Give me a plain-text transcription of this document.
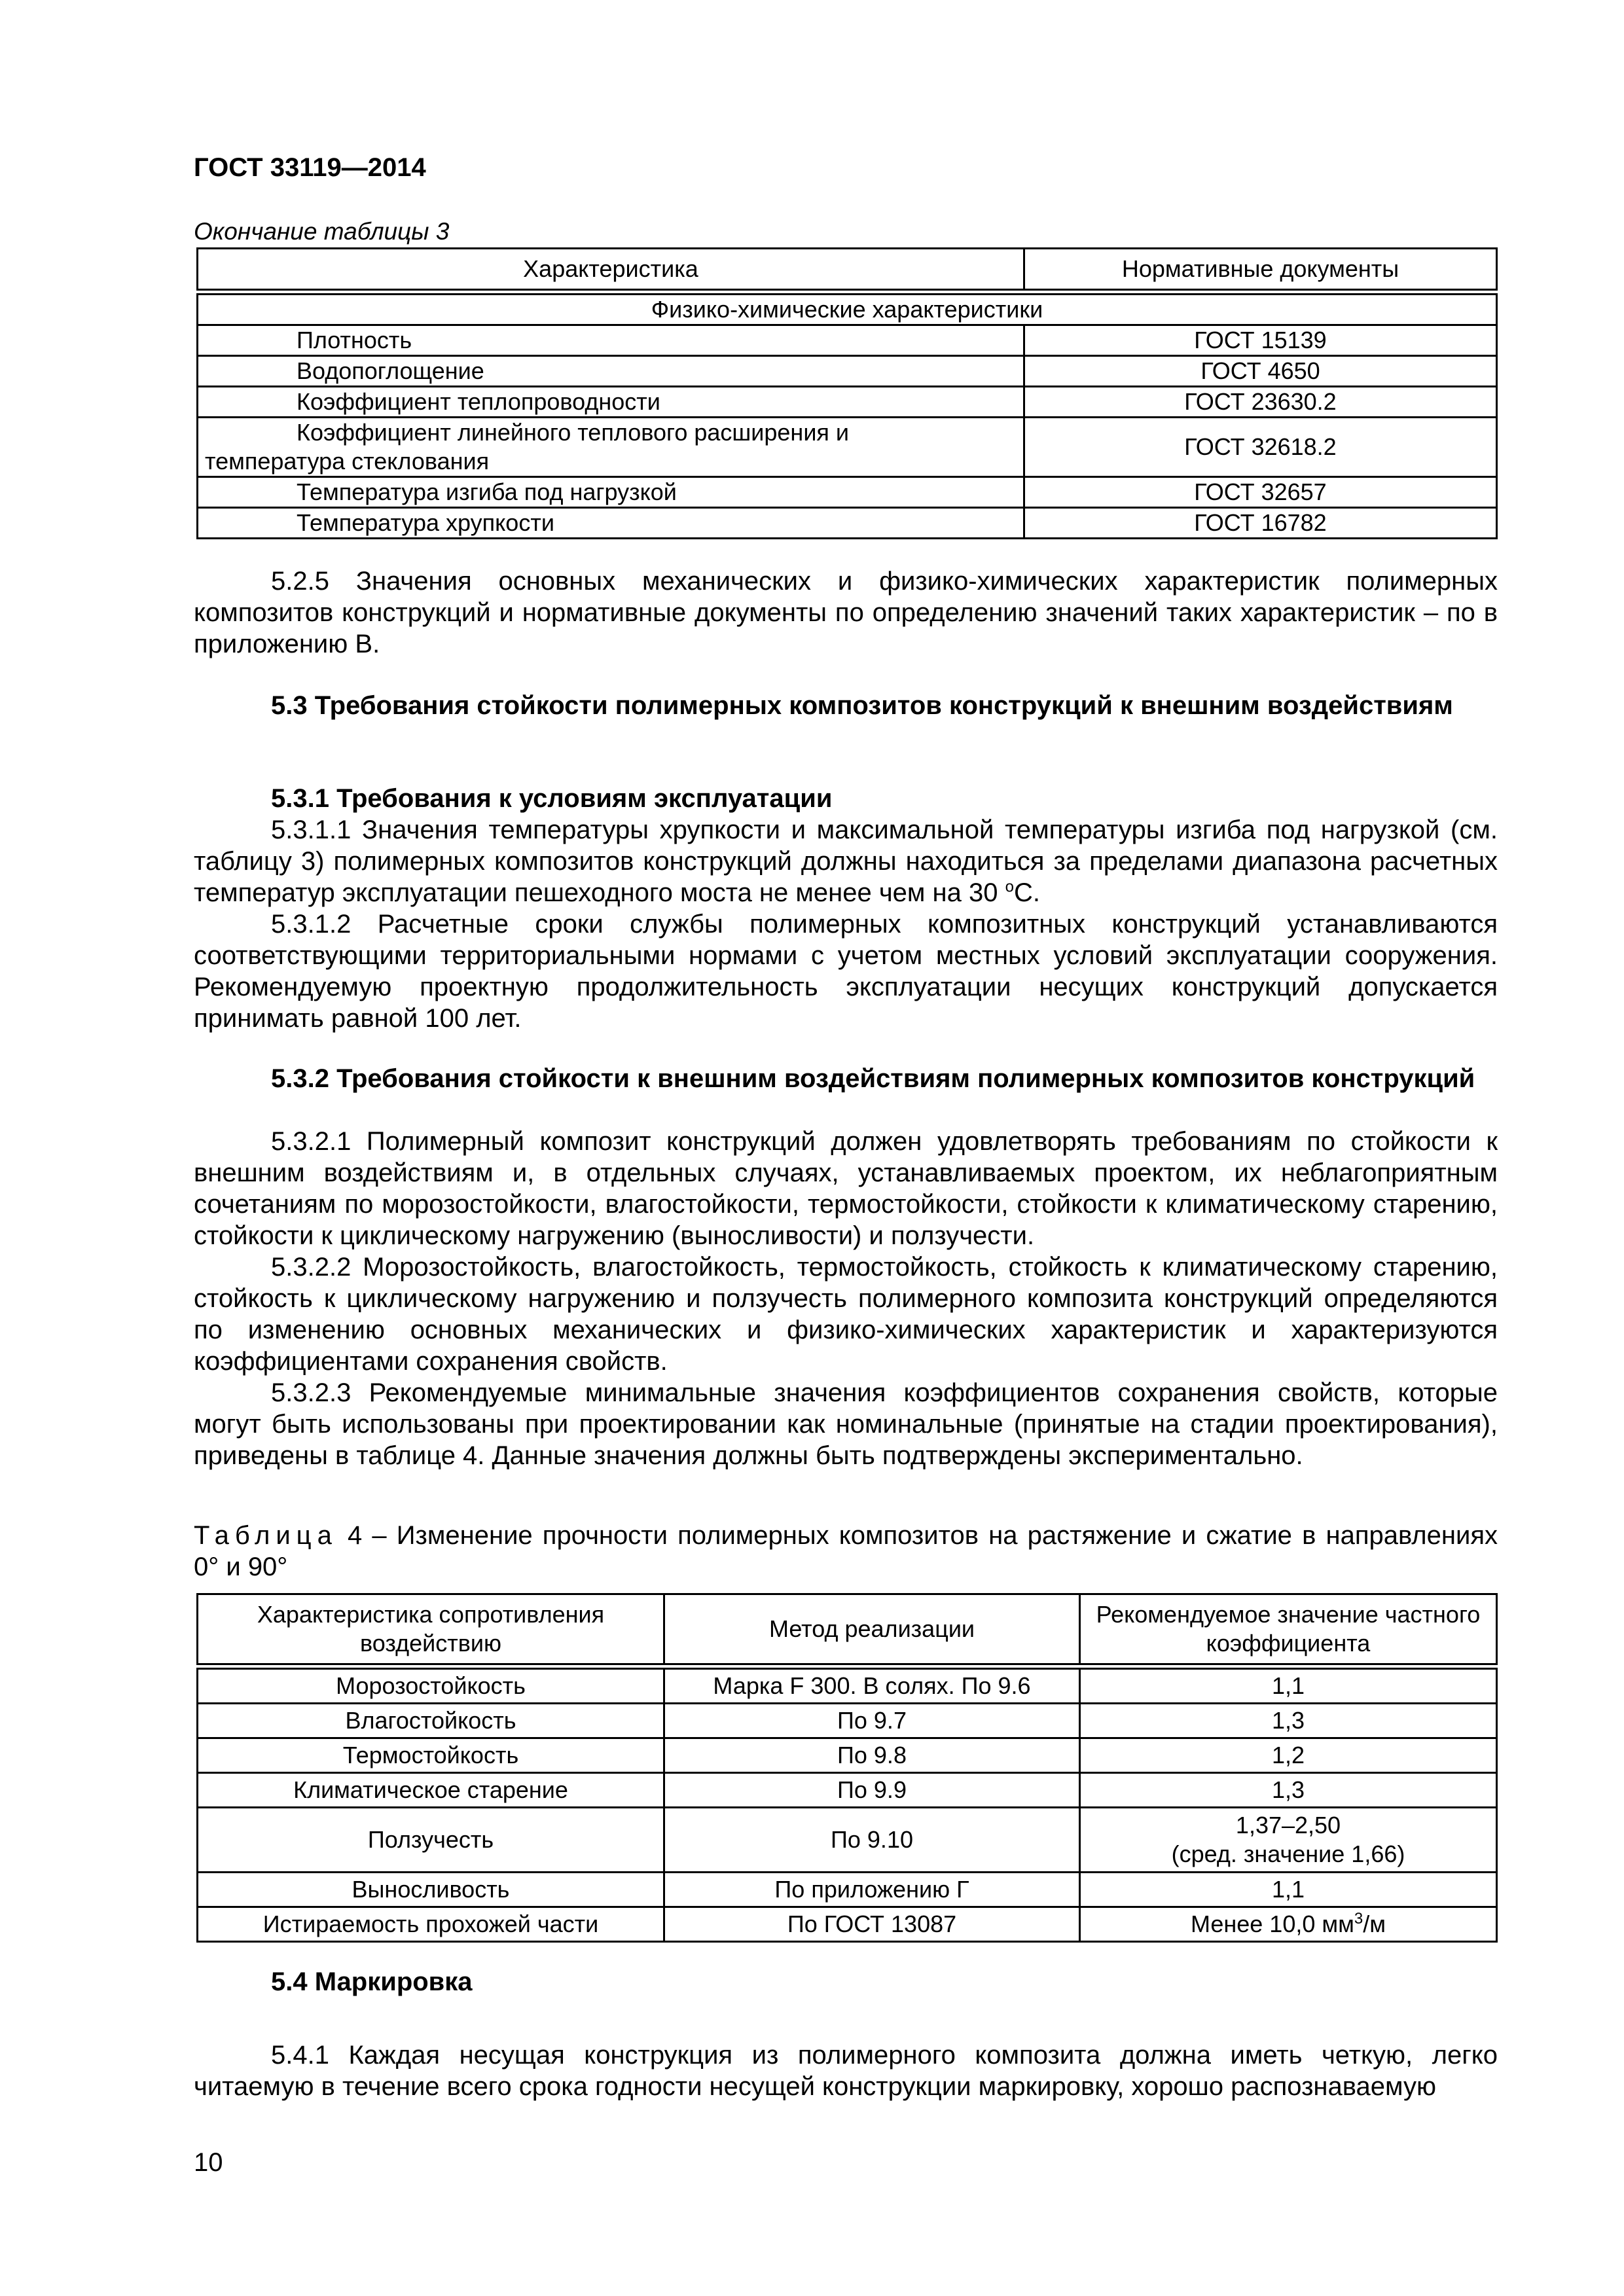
ГОСТ 33119—2014
Окончание таблицы 3
Характеристика	Нормативные документы
Физико-химические характеристики	
Плотность	ГОСТ 15139
Водопоглощение	ГОСТ 4650
Коэффициент теплопроводности	ГОСТ 23630.2

Коэффициент линейного теплового расширения и
температура стеклования	ГОСТ 32618.2
Температура изгиба под нагрузкой	ГОСТ 32657
Температура хрупкости	ГОСТ 16782

5.2.5 Значения основных механических и физико-химических характеристик полимерных композитов конструкций и нормативные документы по определению значений таких характеристик – по в приложению В.

5.3 Требования стойкости полимерных композитов конструкций к внешним воздействиям

5.3.1 Требования к условиям эксплуатации

5.3.1.1 Значения температуры хрупкости и максимальной температуры изгиба под нагрузкой (см. таблицу 3) полимерных композитов конструкций должны находиться за пределами диапазона расчетных температур эксплуатации пешеходного моста не менее чем на 30 $^о$С.

5.3.1.2 Расчетные сроки службы полимерных композитных конструкций устанавливаются соответствующими территориальными нормами с учетом местных условий эксплуатации сооружения. Рекомендуемую проектную продолжительность эксплуатации несущих конструкций допускается принимать равной 100 лет.

5.3.2 Требования стойкости к внешним воздействиям полимерных композитов конструкций

5.3.2.1 Полимерный композит конструкций должен удовлетворять требованиям по стойкости к внешним воздействиям и, в отдельных случаях, устанавливаемых проектом, их неблагоприятным сочетаниям по морозостойкости, влагостойкости, термостойкости, стойкости к климатическому старению, стойкости к циклическому нагружению (выносливости) и ползучести.

5.3.2.2 Морозостойкость, влагостойкость, термостойкость, стойкость к климатическому старению, стойкость к циклическому нагружению и ползучесть полимерного композита конструкций определяются по изменению основных механических и физико-химических характеристик и характеризуются коэффициентами сохранения свойств.

5.3.2.3 Рекомендуемые минимальные значения коэффициентов сохранения свойств, которые могут быть использованы при проектировании как номинальные (принятые на стадии проектирования), приведены в таблице 4. Данные значения должны быть подтверждены экспериментально.

Таблица 4 – Изменение прочности полимерных композитов на растяжение и сжатие в направлениях 0° и 90°

Характеристика сопротивления воздействию	Метод реализации	Рекомендуемое значение частного коэффициента
Морозостойкость	Марка F 300. В солях. По 9.6	1,1
Влагостойкость	По 9.7	1,3
Термостойкость	По 9.8	1,2
Климатическое старение	По 9.9	1,3
Ползучесть	По 9.10	1,37–2,50
(сред. значение 1,66)

Выносливость	По приложению Г	1,1
Истираемость прохожей части	По ГОСТ 13087	Менее 10,0 $мм^3/м$

5.4 Маркировка

5.4.1 Каждая несущая конструкция из полимерного композита должна иметь четкую, легко читаемую в течение всего срока годности несущей конструкции маркировку, хорошо распознаваемую

10
